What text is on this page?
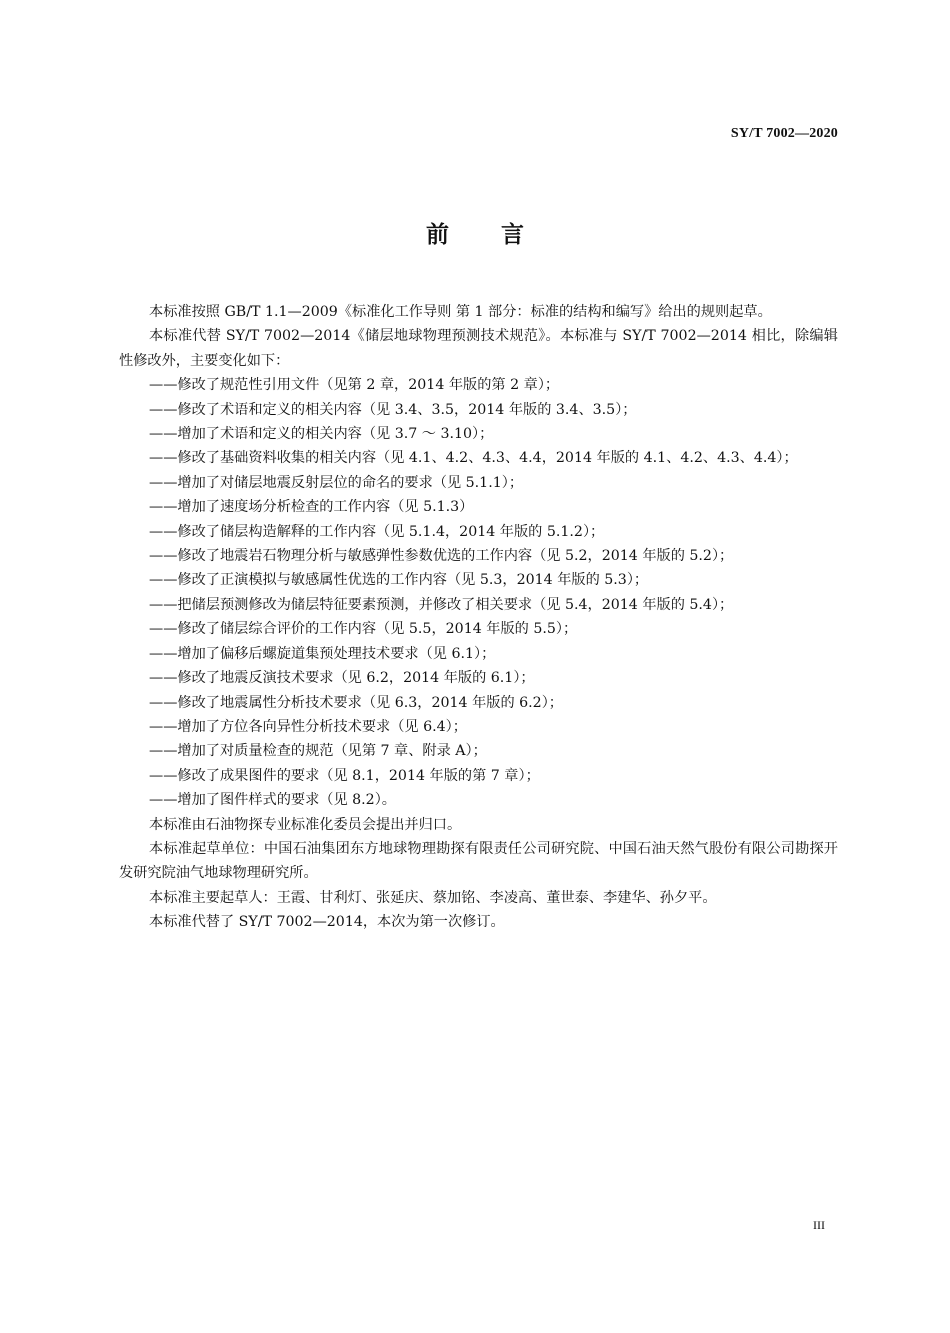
SY/T 7002—2020
前 言

本标准按照 GB/T 1.1—2009《标准化工作导则 第 1 部分：标准的结构和编写》给出的规则起草。

本标准代替 SY/T 7002—2014《储层地球物理预测技术规范》。本标准与 SY/T 7002—2014 相比，除编辑性修改外，主要变化如下：

——修改了规范性引用文件（见第 2 章，2014 年版的第 2 章）；

——修改了术语和定义的相关内容（见 3.4、3.5，2014 年版的 3.4、3.5）；

——增加了术语和定义的相关内容（见 3.7 ～ 3.10）；

——修改了基础资料收集的相关内容（见 4.1、4.2、4.3、4.4，2014 年版的 4.1、4.2、4.3、4.4）；

——增加了对储层地震反射层位的命名的要求（见 5.1.1）；

——增加了速度场分析检查的工作内容（见 5.1.3）

——修改了储层构造解释的工作内容（见 5.1.4，2014 年版的 5.1.2）；

——修改了地震岩石物理分析与敏感弹性参数优选的工作内容（见 5.2，2014 年版的 5.2）；

——修改了正演模拟与敏感属性优选的工作内容（见 5.3，2014 年版的 5.3）；

——把储层预测修改为储层特征要素预测，并修改了相关要求（见 5.4，2014 年版的 5.4）；

——修改了储层综合评价的工作内容（见 5.5，2014 年版的 5.5）；

——增加了偏移后螺旋道集预处理技术要求（见 6.1）；

——修改了地震反演技术要求（见 6.2，2014 年版的 6.1）；

——修改了地震属性分析技术要求（见 6.3，2014 年版的 6.2）；

——增加了方位各向异性分析技术要求（见 6.4）；

——增加了对质量检查的规范（见第 7 章、附录 A）；

——修改了成果图件的要求（见 8.1，2014 年版的第 7 章）；

——增加了图件样式的要求（见 8.2）。

本标准由石油物探专业标准化委员会提出并归口。

本标准起草单位：中国石油集团东方地球物理勘探有限责任公司研究院、中国石油天然气股份有限公司勘探开发研究院油气地球物理研究所。

本标准主要起草人：王霞、甘利灯、张延庆、蔡加铭、李凌高、董世泰、李建华、孙夕平。

本标准代替了 SY/T 7002—2014，本次为第一次修订。

III
